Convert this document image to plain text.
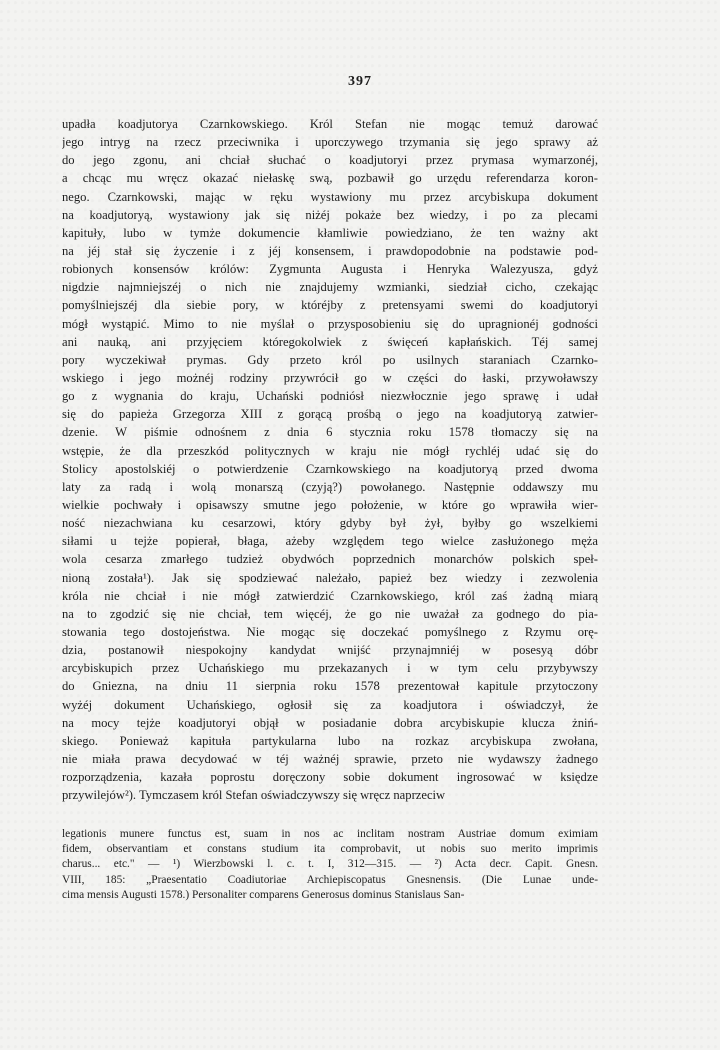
397
upadła koadjutorya Czarnkowskiego. Król Stefan nie mogąc temuż darować
jego intryg na rzecz przeciwnika i uporczywego trzymania się jego sprawy aż
do jego zgonu, ani chciał słuchać o koadjutoryi przez prymasa wymarzonéj,
a chcąc mu wręcz okazać niełaskę swą, pozbawił go urzędu referendarza koron-
nego. Czarnkowski, mając w ręku wystawiony mu przez arcybiskupa dokument
na koadjutoryą, wystawiony jak się niżéj pokaże bez wiedzy, i po za plecami
kapituły, lubo w tymże dokumencie kłamliwie powiedziano, że ten ważny akt
na jéj stał się życzenie i z jéj konsensem, i prawdopodobnie na podstawie pod-
robionych konsensów królów: Zygmunta Augusta i Henryka Walezyusza, gdyż
nigdzie najmniejszéj o nich nie znajdujemy wzmianki, siedział cicho, czekając
pomyślniejszéj dla siebie pory, w któréjby z pretensyami swemi do koadjutoryi
mógł wystąpić. Mimo to nie myślał o przysposobieniu się do upragnionéj godności
ani nauką, ani przyjęciem któregokolwiek z święceń kapłańskich. Téj samej
pory wyczekiwał prymas. Gdy przeto król po usilnych staraniach Czarnko-
wskiego i jego możnéj rodziny przywrócił go w części do łaski, przywoławszy
go z wygnania do kraju, Uchański podniósł niezwłocznie jego sprawę i udał
się do papieża Grzegorza XIII z gorącą prośbą o jego na koadjutoryą zatwier-
dzenie. W piśmie odnośnem z dnia 6 stycznia roku 1578 tłomaczy się na
wstępie, że dla przeszkód politycznych w kraju nie mógł rychléj udać się do
Stolicy apostolskiéj o potwierdzenie Czarnkowskiego na koadjutoryą przed dwoma
laty za radą i wolą monarszą (czyją?) powołanego. Następnie oddawszy mu
wielkie pochwały i opisawszy smutne jego położenie, w które go wprawiła wier-
ność niezachwiana ku cesarzowi, który gdyby był żył, byłby go wszelkiemi
siłami u tejże popierał, błaga, ażeby względem tego wielce zasłużonego męża
wola cesarza zmarłego tudzież obydwóch poprzednich monarchów polskich speł-
nioną została¹). Jak się spodziewać należało, papież bez wiedzy i zezwolenia
króla nie chciał i nie mógł zatwierdzić Czarnkowskiego, król zaś żadną miarą
na to zgodzić się nie chciał, tem więcéj, że go nie uważał za godnego do pia-
stowania tego dostojeństwa. Nie mogąc się doczekać pomyślnego z Rzymu orę-
dzia, postanowił niespokojny kandydat wnijść przynajmniéj w posesyą dóbr
arcybiskupich przez Uchańskiego mu przekazanych i w tym celu przybywszy
do Gniezna, na dniu 11 sierpnia roku 1578 prezentował kapitule przytoczony
wyżéj dokument Uchańskiego, ogłosił się za koadjutora i oświadczył, że
na mocy tejże koadjutoryi objął w posiadanie dobra arcybiskupie klucza żniń-
skiego. Ponieważ kapituła partykularna lubo na rozkaz arcybiskupa zwołana,
nie miała prawa decydować w téj ważnéj sprawie, przeto nie wydawszy żadnego
rozporządzenia, kazała poprostu doręczony sobie dokument ingrosować w księdze
przywilejów²). Tymczasem król Stefan oświadczywszy się wręcz naprzeciw
legationis munere functus est, suam in nos ac inclitam nostram Austriae domum eximiam
fidem, observantiam et constans studium ita comprobavit, ut nobis suo merito imprimis
charus... etc." — ¹) Wierzbowski l. c. t. I, 312—315. — ²) Acta decr. Capit. Gnesn.
VIII, 185: „Praesentatio Coadiutoriae Archiepiscopatus Gnesnensis. (Die Lunae unde-
cima mensis Augusti 1578.) Personaliter comparens Generosus dominus Stanislaus San-
